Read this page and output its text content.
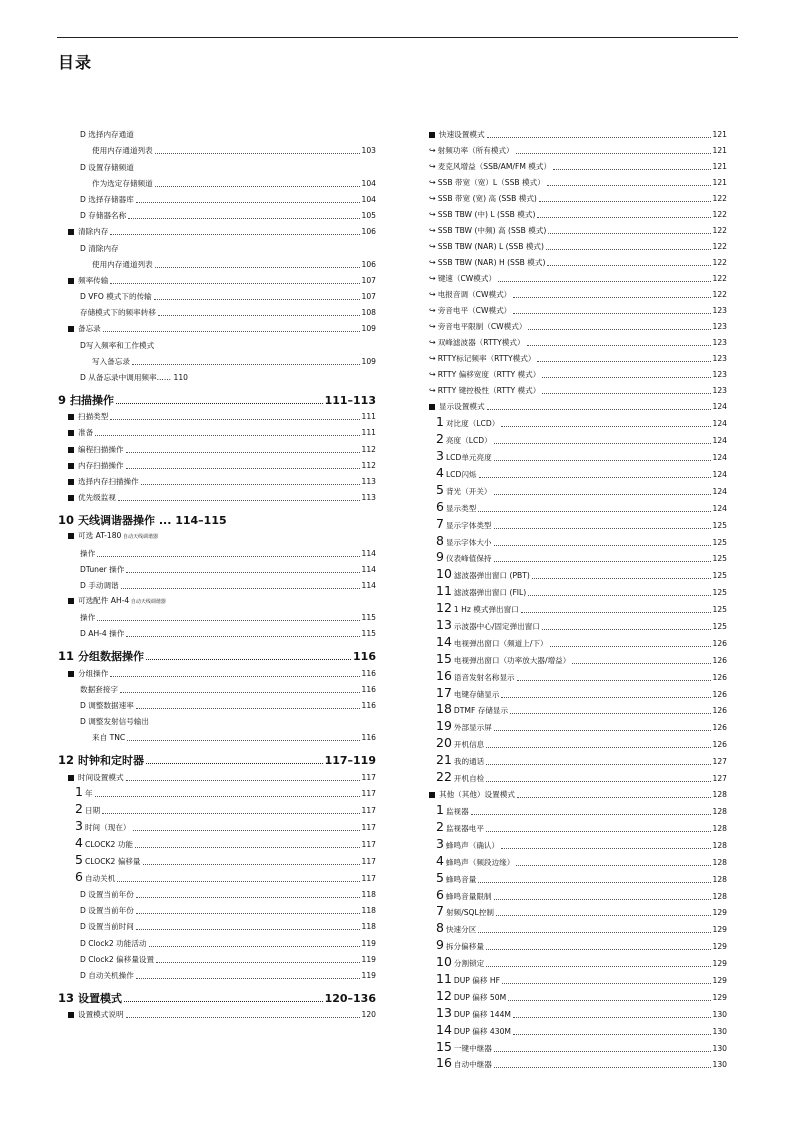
目录
D 选择内存通道
使用内存通道列表	103
D 设置存储频道
作为选定存储频道	104
D 选择存储器库	104
D 存储器名称	105
清除内存	106
D 清除内存
使用内存通道列表	106
频率传输	107
D VFO 模式下的传输	107
存储模式下的频率转移	108
备忘录	109
D写入频率和工作模式
写入备忘录	109
D 从备忘录中调用频率...... 110
9 扫描操作	111–113
扫描类型	111
准备	111
编程扫描操作	112
内存扫描操作	112
选择内存扫描操作	113
优先级监视	113
10 天线调谐器操作 ... 114–115
可选 AT-180 自动天线调谐器
操作	114
DTuner 操作	114
D 手动调谐	114
可选配件 AH-4 自动天线调谐器
操作	115
D AH-4 操作	115
11 分组数据操作	116
分组操作	116
数据套接字	116
D 调整数据速率	116
D 调整发射信号输出
来自 TNC	116
12 时钟和定时器	117–119
时间设置模式	117
1 年	117
2 日期	117
3 时间（现在）	117
4 CLOCK2 功能	117
5 CLOCK2 偏移量	117
6 自动关机	117
D 设置当前年份	118
D 设置当前年份	118
D 设置当前时间	118
D Clock2 功能活动	119
D Clock2 偏移量设置	119
D 自动关机操作	119
13 设置模式	120–136
设置模式说明	120
快速设置模式	121
↪ 射频功率（所有模式）	121
↪ 麦克风增益（SSB/AM/FM 模式）	121
↪ SSB 带宽（宽）L（SSB 模式）	121
↪ SSB 带宽 (宽) 高 (SSB 模式)	122
↪ SSB TBW (中) L (SSB 模式)	122
↪ SSB TBW (中频) 高 (SSB 模式)	122
↪ SSB TBW (NAR) L (SSB 模式)	122
↪ SSB TBW (NAR) H (SSB 模式)	122
↪ 键速（CW模式）	122
↪ 电报音调（CW模式）	122
↪ 旁音电平（CW模式）	123
↪ 旁音电平限制（CW模式）	123
↪ 双峰滤波器（RTTY模式）	123
↪ RTTY标记频率（RTTY模式）	123
↪ RTTY 偏移宽度（RTTY 模式）	123
↪ RTTY 键控极性（RTTY 模式）	123
显示设置模式	124
1 对比度（LCD）	124
2 亮度（LCD）	124
3 LCD单元亮度	124
4 LCD闪烁	124
5 背光（开关）	124
6 显示类型	124
7 显示字体类型	125
8 显示字体大小	125
9 仪表峰值保持	125
10 滤波器弹出窗口 (PBT)	125
11 滤波器弹出窗口 (FIL)	125
12 1 Hz 模式弹出窗口	125
13 示波器中心/固定弹出窗口	125
14 电视弹出窗口（频道上/下）	126
15 电视弹出窗口（功率放大器/增益）	126
16 语音发射名称显示	126
17 电键存储显示	126
18 DTMF 存储显示	126
19 外部显示屏	126
20 开机信息	126
21 我的通话	127
22 开机自检	127
其他（其他）设置模式	128
1 监视器	128
2 监视器电平	128
3 蜂鸣声（确认）	128
4 蜂鸣声（频段边缘）	128
5 蜂鸣音量	128
6 蜂鸣音量限制	128
7 射频/SQL控制	129
8 快速分区	129
9 拆分偏移量	129
10 分割锁定	129
11 DUP 偏移 HF	129
12 DUP 偏移 50M	129
13 DUP 偏移 144M	130
14 DUP 偏移 430M	130
15 一键中继器	130
16 自动中继器	130
